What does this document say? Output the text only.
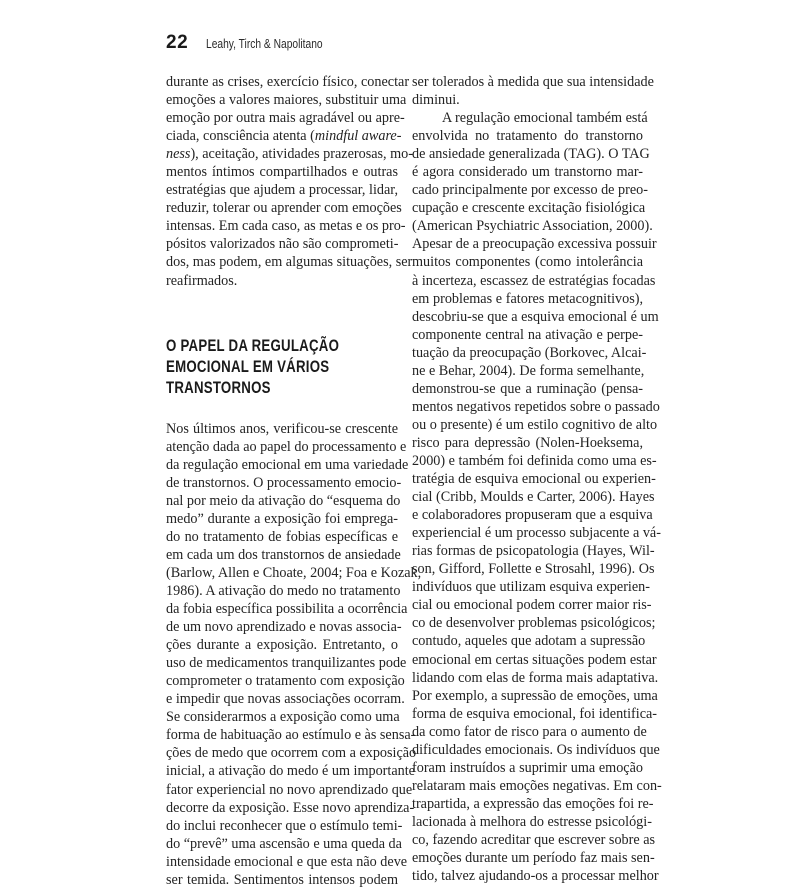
22 Leahy, Tirch & Napolitano
durante as crises, exercício físico, conectar
emoções a valores maiores, substituir uma
emoção por outra mais agradável ou apre-
ciada, consciência atenta (mindful aware-
ness), aceitação, atividades prazerosas, mo-
mentos íntimos compartilhados e outras
estratégias que ajudem a processar, lidar,
reduzir, tolerar ou aprender com emoções
intensas. Em cada caso, as metas e os pro-
pósitos valorizados não são comprometi-
dos, mas podem, em algumas situações, ser
reafirmados.
O PAPEL DA REGULAÇÃO
EMOCIONAL EM VÁRIOS
TRANSTORNOS
Nos últimos anos, verificou-se crescente
atenção dada ao papel do processamento e
da regulação emocional em uma variedade
de transtornos. O processamento emocio-
nal por meio da ativação do “esquema do
medo” durante a exposição foi emprega-
do no tratamento de fobias específicas e
em cada um dos transtornos de ansiedade
(Barlow, Allen e Choate, 2004; Foa e Kozak,
1986). A ativação do medo no tratamento
da fobia específica possibilita a ocorrência
de um novo aprendizado e novas associa-
ções durante a exposição. Entretanto, o
uso de medicamentos tranquilizantes pode
comprometer o tratamento com exposição
e impedir que novas associações ocorram.
Se considerarmos a exposição como uma
forma de habituação ao estímulo e às sensa-
ções de medo que ocorrem com a exposição
inicial, a ativação do medo é um importante
fator experiencial no novo aprendizado que
decorre da exposição. Esse novo aprendiza-
do inclui reconhecer que o estímulo temi-
do “prevê” uma ascensão e uma queda da
intensidade emocional e que esta não deve
ser temida. Sentimentos intensos podem
ser tolerados à medida que sua intensidade
diminui.
A regulação emocional também está
envolvida no tratamento do transtorno
de ansiedade generalizada (TAG). O TAG
é agora considerado um transtorno mar-
cado principalmente por excesso de preo-
cupação e crescente excitação fisiológica
(American Psychiatric Association, 2000).
Apesar de a preocupação excessiva possuir
muitos componentes (como intolerância
à incerteza, escassez de estratégias focadas
em problemas e fatores metacognitivos),
descobriu-se que a esquiva emocional é um
componente central na ativação e perpe-
tuação da preocupação (Borkovec, Alcai-
ne e Behar, 2004). De forma semelhante,
demonstrou-se que a ruminação (pensa-
mentos negativos repetidos sobre o passado
ou o presente) é um estilo cognitivo de alto
risco para depressão (Nolen-Hoeksema,
2000) e também foi definida como uma es-
tratégia de esquiva emocional ou experien-
cial (Cribb, Moulds e Carter, 2006). Hayes
e colaboradores propuseram que a esquiva
experiencial é um processo subjacente a vá-
rias formas de psicopatologia (Hayes, Wil-
son, Gifford, Follette e Strosahl, 1996). Os
indivíduos que utilizam esquiva experien-
cial ou emocional podem correr maior ris-
co de desenvolver problemas psicológicos;
contudo, aqueles que adotam a supressão
emocional em certas situações podem estar
lidando com elas de forma mais adaptativa.
Por exemplo, a supressão de emoções, uma
forma de esquiva emocional, foi identifica-
da como fator de risco para o aumento de
dificuldades emocionais. Os indivíduos que
foram instruídos a suprimir uma emoção
relataram mais emoções negativas. Em con-
trapartida, a expressão das emoções foi re-
lacionada à melhora do estresse psicológi-
co, fazendo acreditar que escrever sobre as
emoções durante um período faz mais sen-
tido, talvez ajudando-os a processar melhor
